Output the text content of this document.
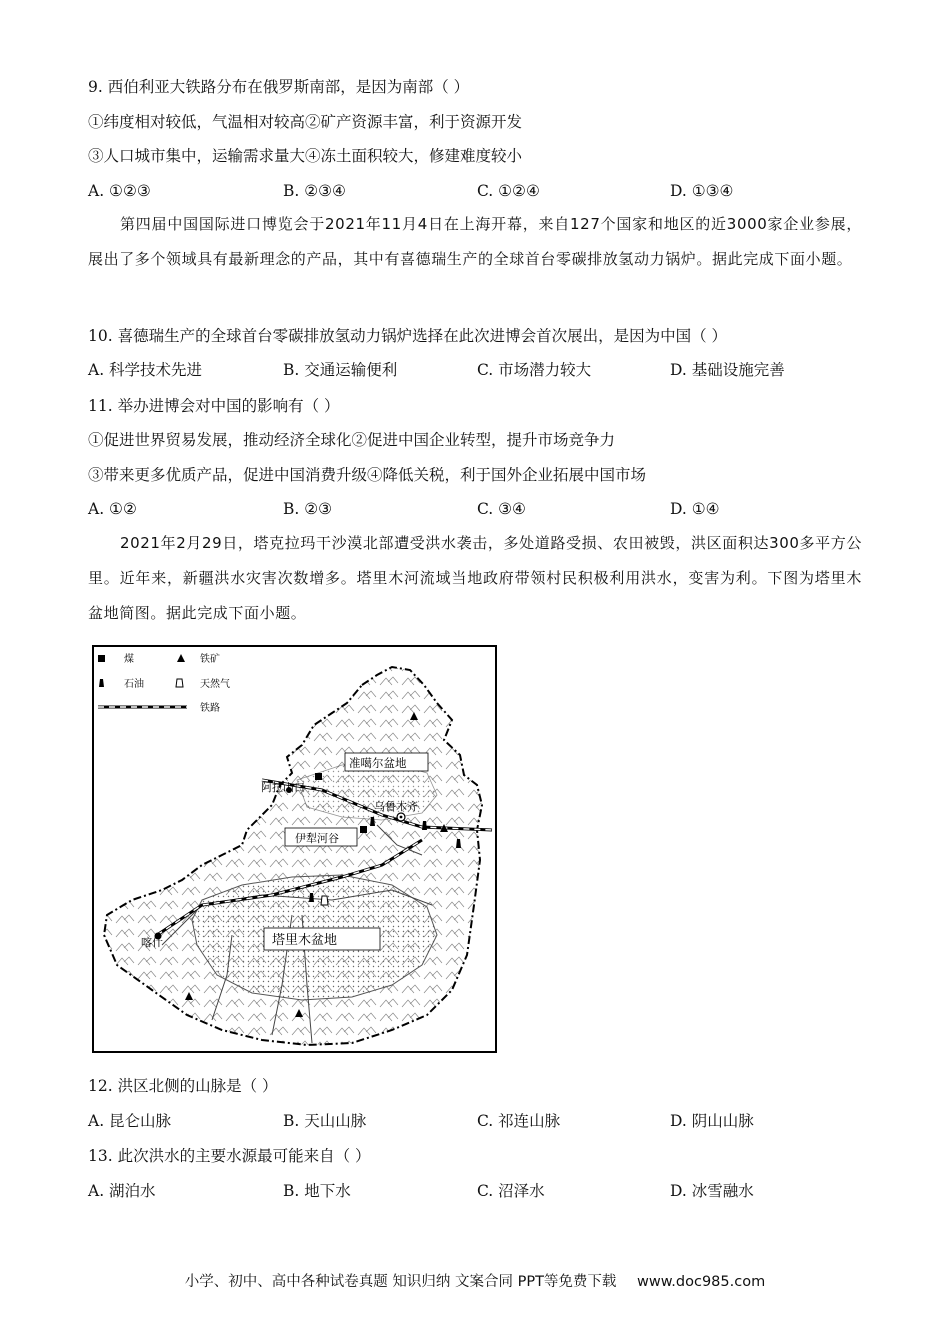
9. 西伯利亚大铁路分布在俄罗斯南部，是因为南部（ ）
①纬度相对较低，气温相对较高②矿产资源丰富，利于资源开发
③人口城市集中，运输需求量大④冻土面积较大，修建难度较小
A. ①②③	B. ②③④	C. ①②④	D. ①③④
第四届中国国际进口博览会于2021年11月4日在上海开幕，来自127个国家和地区的近3000家企业参展，展出了多个领域具有最新理念的产品，其中有喜德瑞生产的全球首台零碳排放氢动力锅炉。据此完成下面小题。
10. 喜德瑞生产的全球首台零碳排放氢动力锅炉选择在此次进博会首次展出，是因为中国（ ）
A. 科学技术先进	B. 交通运输便利	C. 市场潜力较大	D. 基础设施完善
11. 举办进博会对中国的影响有（ ）
①促进世界贸易发展，推动经济全球化②促进中国企业转型，提升市场竞争力
③带来更多优质产品，促进中国消费升级④降低关税，利于国外企业拓展中国市场
A. ①②	B. ②③	C. ③④	D. ①④
2021年2月29日，塔克拉玛干沙漠北部遭受洪水袭击，多处道路受损、农田被毁，洪区面积达300多平方公里。近年来，新疆洪水灾害次数增多。塔里木河流域当地政府带领村民积极利用洪水，变害为利。下图为塔里木盆地简图。据此完成下面小题。
煤	铁矿
石油	天然气
铁路
准噶尔盆地
阿拉山口
乌鲁木齐
伊犁河谷
喀什	塔里木盆地
12. 洪区北侧的山脉是（ ）
A. 昆仑山脉	B. 天山山脉	C. 祁连山脉	D. 阴山山脉
13. 此次洪水的主要水源最可能来自（ ）
A. 湖泊水	B. 地下水	C. 沼泽水	D. 冰雪融水
小学、初中、高中各种试卷真题 知识归纳 文案合同 PPT等免费下载 www.doc985.com
